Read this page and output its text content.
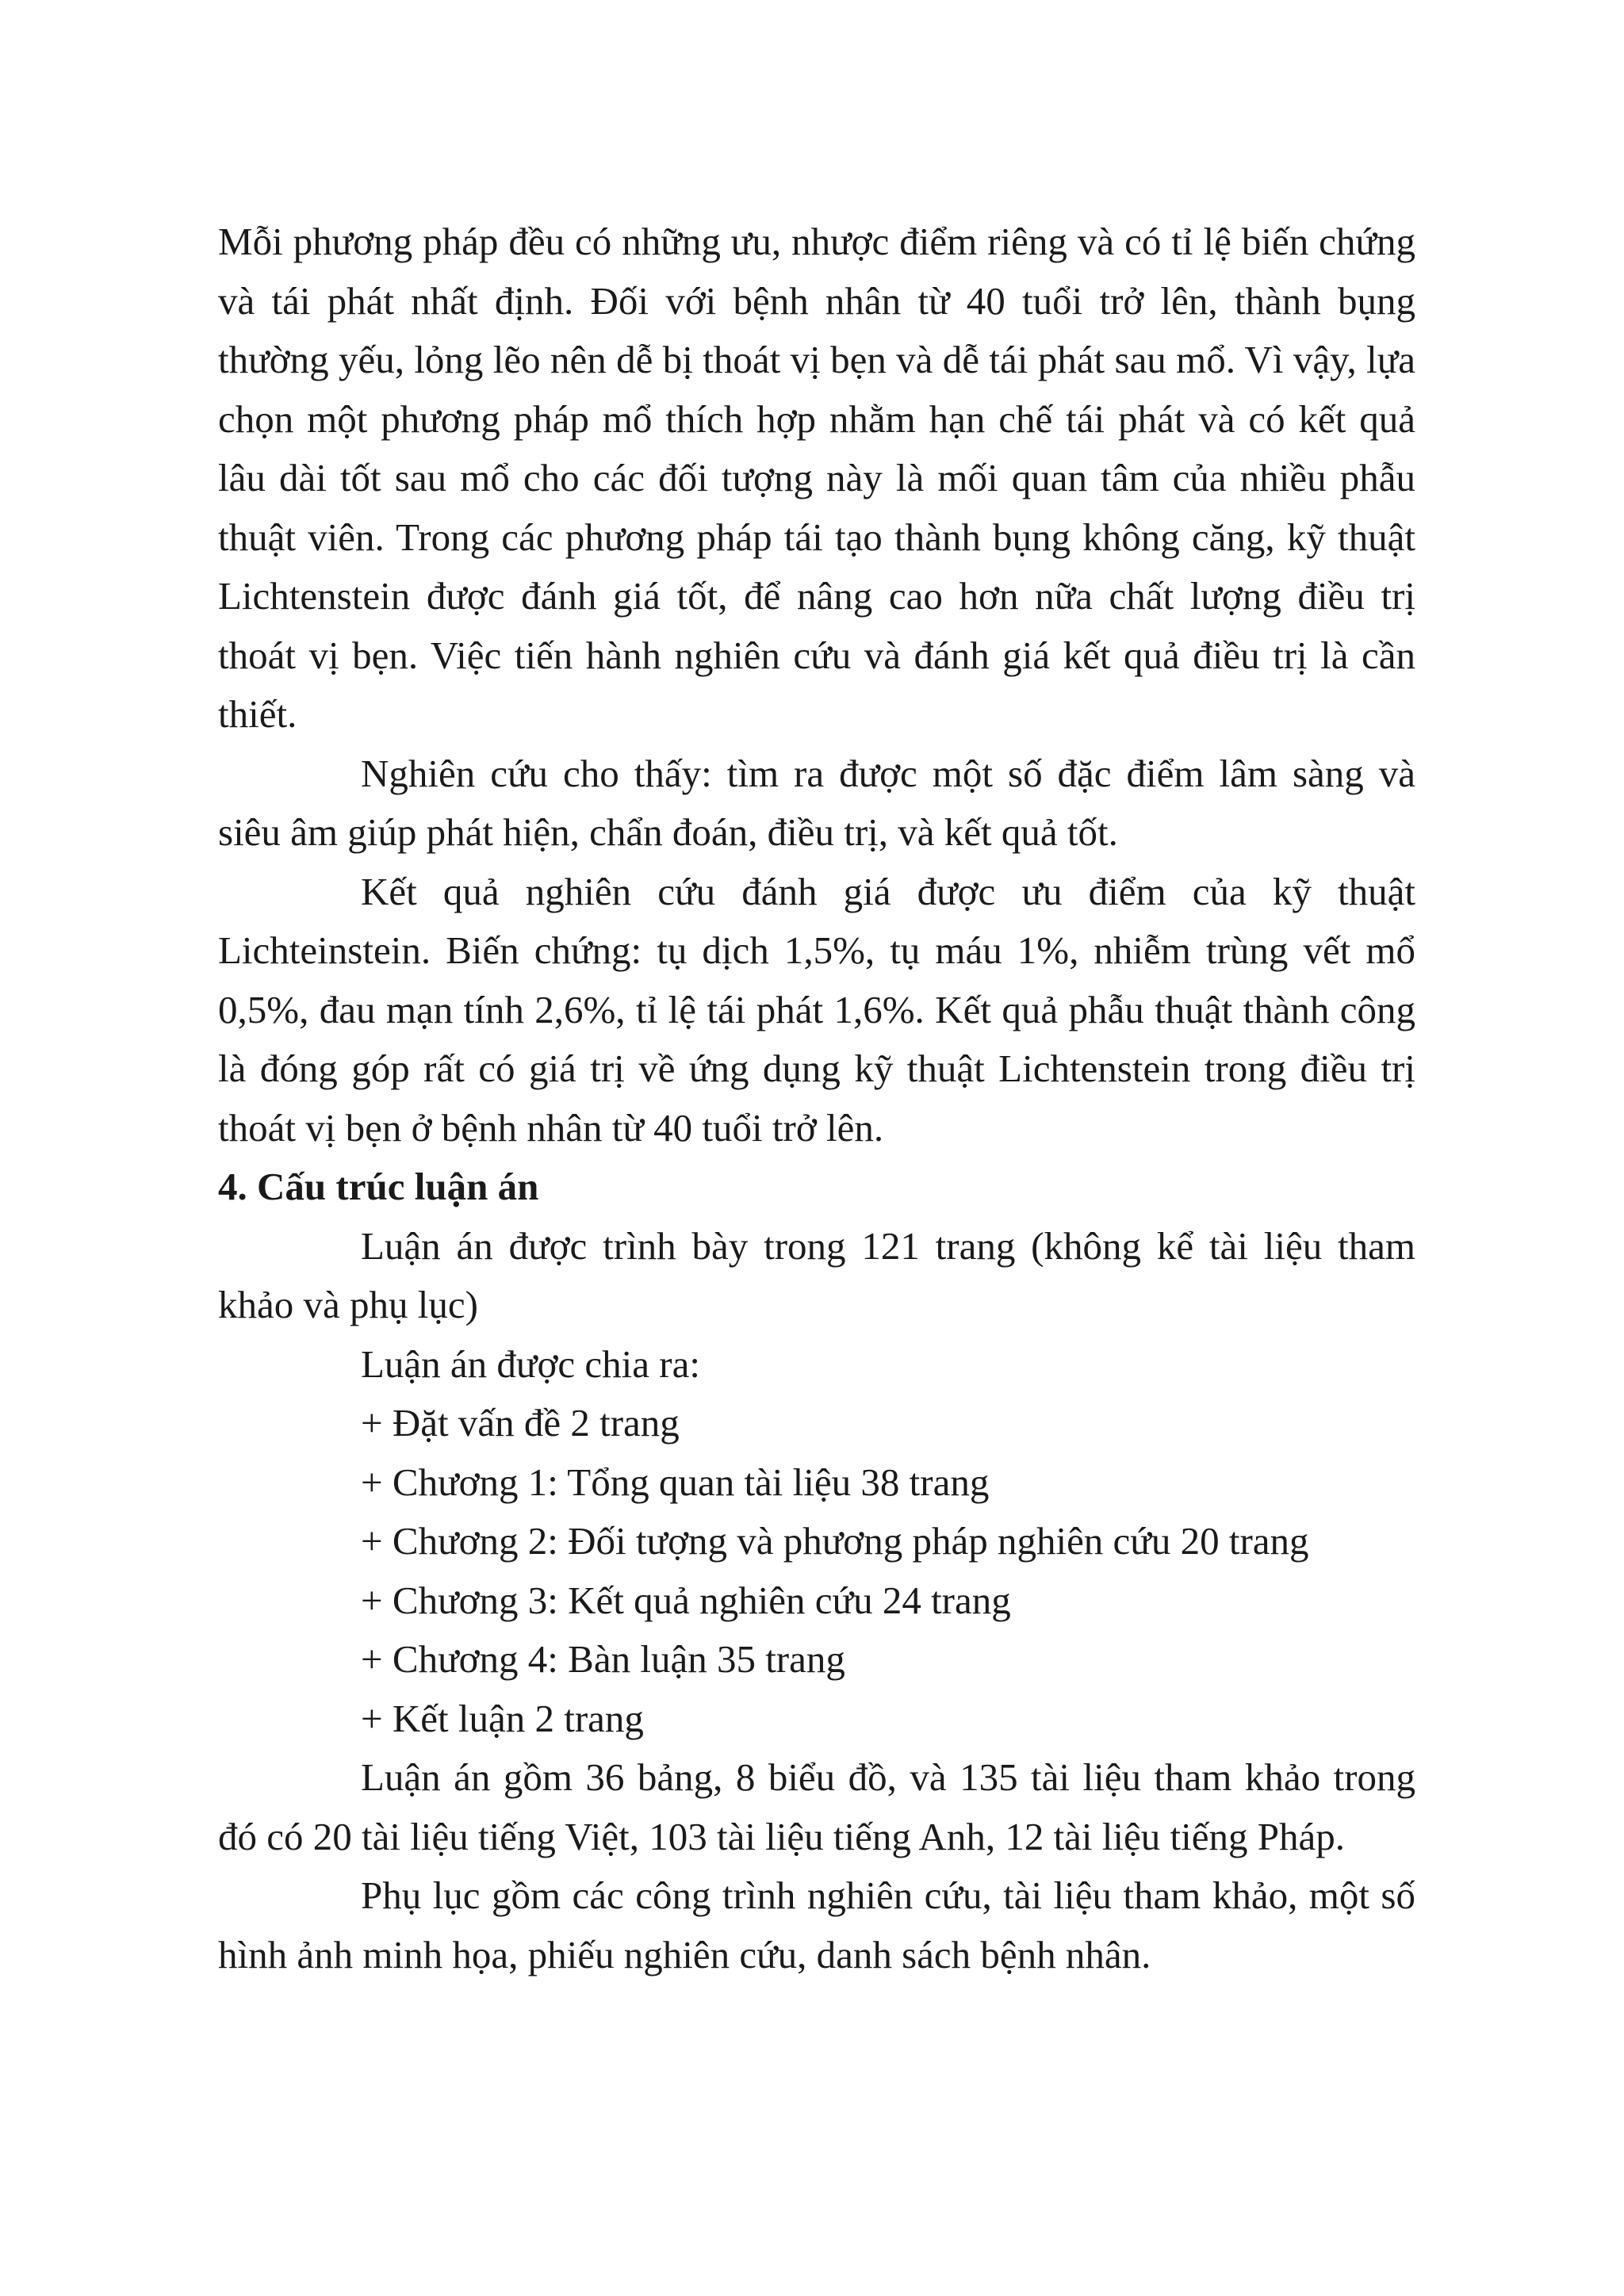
Mỗi phương pháp đều có những ưu, nhược điểm riêng và có tỉ lệ biến chứng và tái phát nhất định. Đối với bệnh nhân từ 40 tuổi trở lên, thành bụng thường yếu, lỏng lẽo nên dễ bị thoát vị bẹn và dễ tái phát sau mổ. Vì vậy, lựa chọn một phương pháp mổ thích hợp nhằm hạn chế tái phát và có kết quả lâu dài tốt sau mổ cho các đối tượng này là mối quan tâm của nhiều phẫu thuật viên. Trong các phương pháp tái tạo thành bụng không căng, kỹ thuật Lichtenstein được đánh giá tốt, để nâng cao hơn nữa chất lượng điều trị thoát vị bẹn. Việc tiến hành nghiên cứu và đánh giá kết quả điều trị là cần thiết.

Nghiên cứu cho thấy: tìm ra được một số đặc điểm lâm sàng và siêu âm giúp phát hiện, chẩn đoán, điều trị, và kết quả tốt.

Kết quả nghiên cứu đánh giá được ưu điểm của kỹ thuật Lichteinstein. Biến chứng: tụ dịch 1,5%, tụ máu 1%, nhiễm trùng vết mổ 0,5%, đau mạn tính 2,6%, tỉ lệ tái phát 1,6%. Kết quả phẫu thuật thành công là đóng góp rất có giá trị về ứng dụng kỹ thuật Lichtenstein trong điều trị thoát vị bẹn ở bệnh nhân từ 40 tuổi trở lên.

4. Cấu trúc luận án

Luận án được trình bày trong 121 trang (không kể tài liệu tham khảo và phụ lục)

Luận án được chia ra:

+ Đặt vấn đề 2 trang

+ Chương 1: Tổng quan tài liệu 38 trang

+ Chương 2: Đối tượng và phương pháp nghiên cứu 20 trang

+ Chương 3: Kết quả nghiên cứu 24 trang

+ Chương 4: Bàn luận 35 trang

+ Kết luận 2 trang

Luận án gồm 36 bảng, 8 biểu đồ, và 135 tài liệu tham khảo trong đó có 20 tài liệu tiếng Việt, 103 tài liệu tiếng Anh, 12 tài liệu tiếng Pháp.

Phụ lục gồm các công trình nghiên cứu, tài liệu tham khảo, một số hình ảnh minh họa, phiếu nghiên cứu, danh sách bệnh nhân.
